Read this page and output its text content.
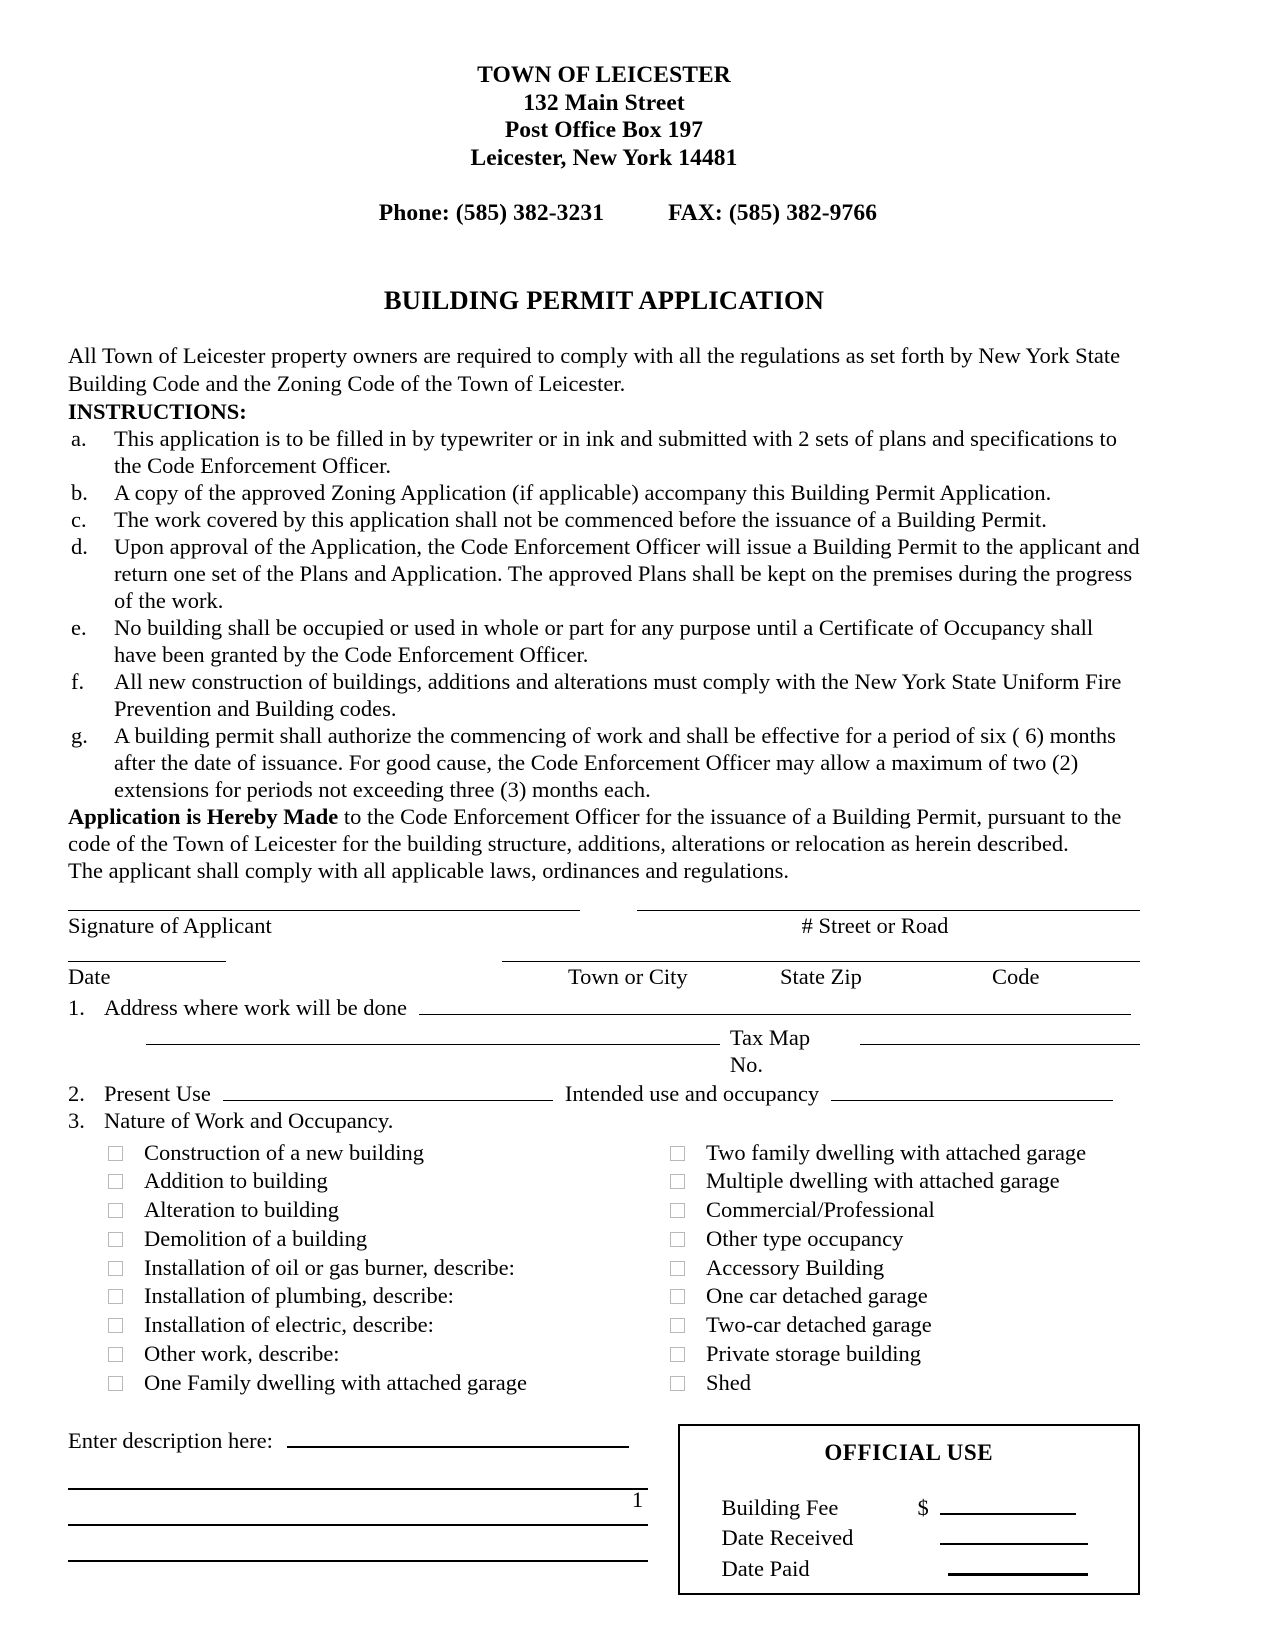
TOWN OF LEICESTER
132 Main Street
Post Office Box 197
Leicester, New York 14481

Phone: (585) 382-3231	FAX: (585) 382-9766

BUILDING PERMIT APPLICATION
All Town of Leicester property owners are required to comply with all the regulations as set forth by New York State Building Code and the Zoning Code of the Town of Leicester.
INSTRUCTIONS:
a.	This application is to be filled in by typewriter or in ink and submitted with 2 sets of plans and specifications to the Code Enforcement Officer.
b.	A copy of the approved Zoning Application (if applicable) accompany this Building Permit Application.
c.	The work covered by this application shall not be commenced before the issuance of a Building Permit.
d.	Upon approval of the Application, the Code Enforcement Officer will issue a Building Permit to the applicant and return one set of the Plans and Application. The approved Plans shall be kept on the premises during the progress of the work.
e.	No building shall be occupied or used in whole or part for any purpose until a Certificate of Occupancy shall have been granted by the Code Enforcement Officer.
f.	All new construction of buildings, additions and alterations must comply with the New York State Uniform Fire Prevention and Building codes.
g.	A building permit shall authorize the commencing of work and shall be effective for a period of six ( 6) months after the date of issuance. For good cause, the Code Enforcement Officer may allow a maximum of two (2) extensions for periods not exceeding three (3) months each.
Application is Hereby Made to the Code Enforcement Officer for the issuance of a Building Permit, pursuant to the code of the Town of Leicester for the building structure, additions, alterations or relocation as herein described.
The applicant shall comply with all applicable laws, ordinances and regulations.
Signature of Applicant	# Street or Road
Date	Town or City	State Zip	Code
1. Address where work will be done
Tax Map No.
2. Present Use	Intended use and occupancy
3. Nature of Work and Occupancy.
Construction of a new building
Addition to building
Alteration to building
Demolition of a building
Installation of oil or gas burner, describe:
Installation of plumbing, describe:
Installation of electric, describe:
Other work, describe:
One Family dwelling with attached garage
Two family dwelling with attached garage
Multiple dwelling with attached garage
Commercial/Professional
Other type occupancy
Accessory Building
One car detached garage
Two-car detached garage
Private storage building
Shed
Enter description here:	OFFICIAL USE
Building Fee	$
Date Received
Date Paid
1
